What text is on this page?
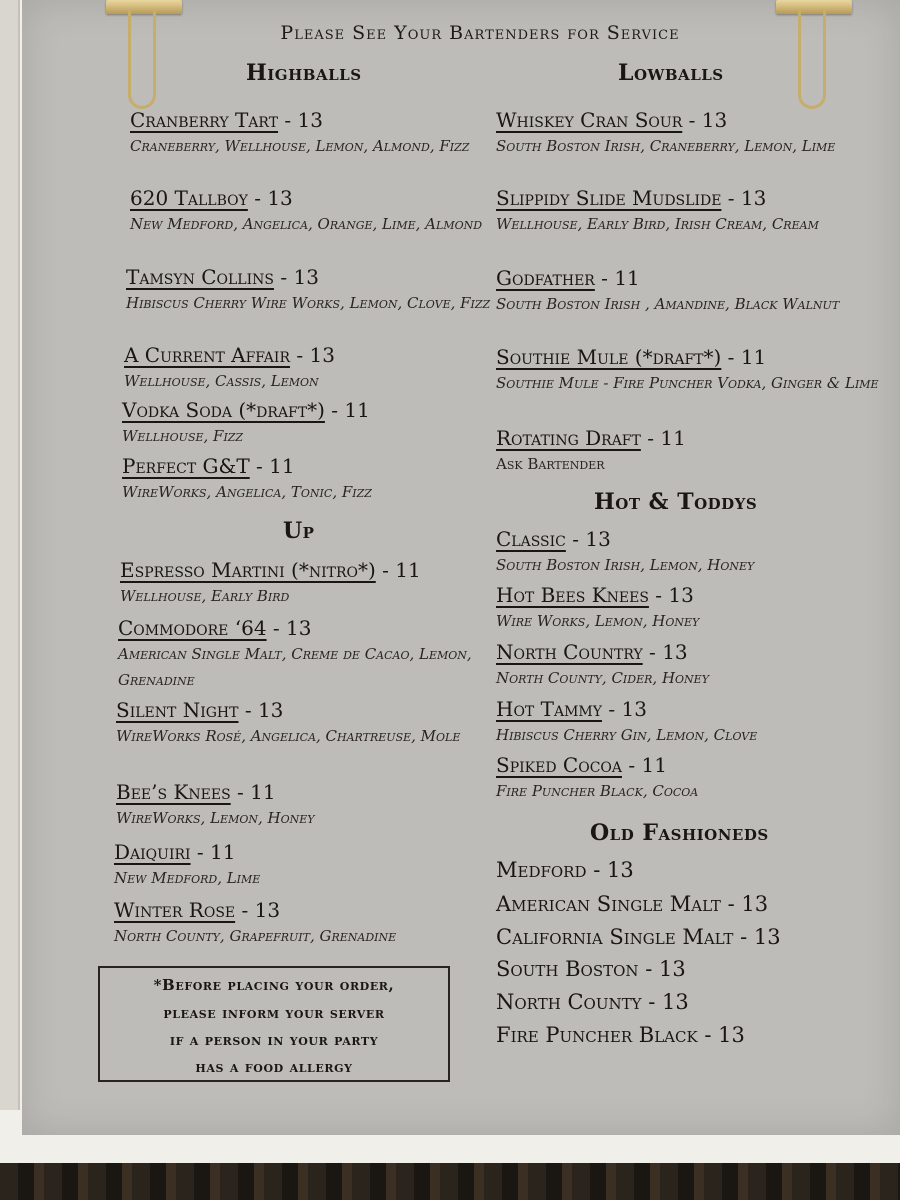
Please See Your Bartenders for Service
Highballs	Lowballs
Up
Hot & Toddys
Old Fashioneds
Cranberry Tart - 13
Craneberry, Wellhouse, Lemon, Almond, Fizz
620 Tallboy - 13
New Medford, Angelica, Orange, Lime, Almond
Tamsyn Collins - 13
Hibiscus Cherry Wire Works, Lemon, Clove, Fizz
A Current Affair - 13
Wellhouse, Cassis, Lemon
Vodka Soda (*draft*) - 11
Wellhouse, Fizz
Perfect G&T - 11
WireWorks, Angelica, Tonic, Fizz
Espresso Martini (*nitro*) - 11
Wellhouse, Early Bird
Commodore ‘64 - 13
American Single Malt, Creme de Cacao, Lemon, Grenadine
Silent Night - 13
WireWorks Rosé, Angelica, Chartreuse, Mole
Bee’s Knees - 11
WireWorks, Lemon, Honey
Daiquiri - 11
New Medford, Lime
Winter Rose - 13
North County, Grapefruit, Grenadine
Whiskey Cran Sour - 13
South Boston Irish, Craneberry, Lemon, Lime
Slippidy Slide Mudslide - 13
Wellhouse, Early Bird, Irish Cream, Cream
Godfather - 11
South Boston Irish , Amandine, Black Walnut
Southie Mule (*draft*) - 11
Southie Mule - Fire Puncher Vodka, Ginger & Lime
Rotating Draft - 11
Ask Bartender
Classic - 13
South Boston Irish, Lemon, Honey
Hot Bees Knees - 13
Wire Works, Lemon, Honey
North Country - 13
North County, Cider, Honey
Hot Tammy - 13
Hibiscus Cherry Gin, Lemon, Clove
Spiked Cocoa - 11
Fire Puncher Black, Cocoa
Medford - 13
American Single Malt - 13
California Single Malt - 13
South Boston - 13
North County - 13
Fire Puncher Black - 13
*Before placing your order,
please inform your server
if a person in your party
has a food allergy
